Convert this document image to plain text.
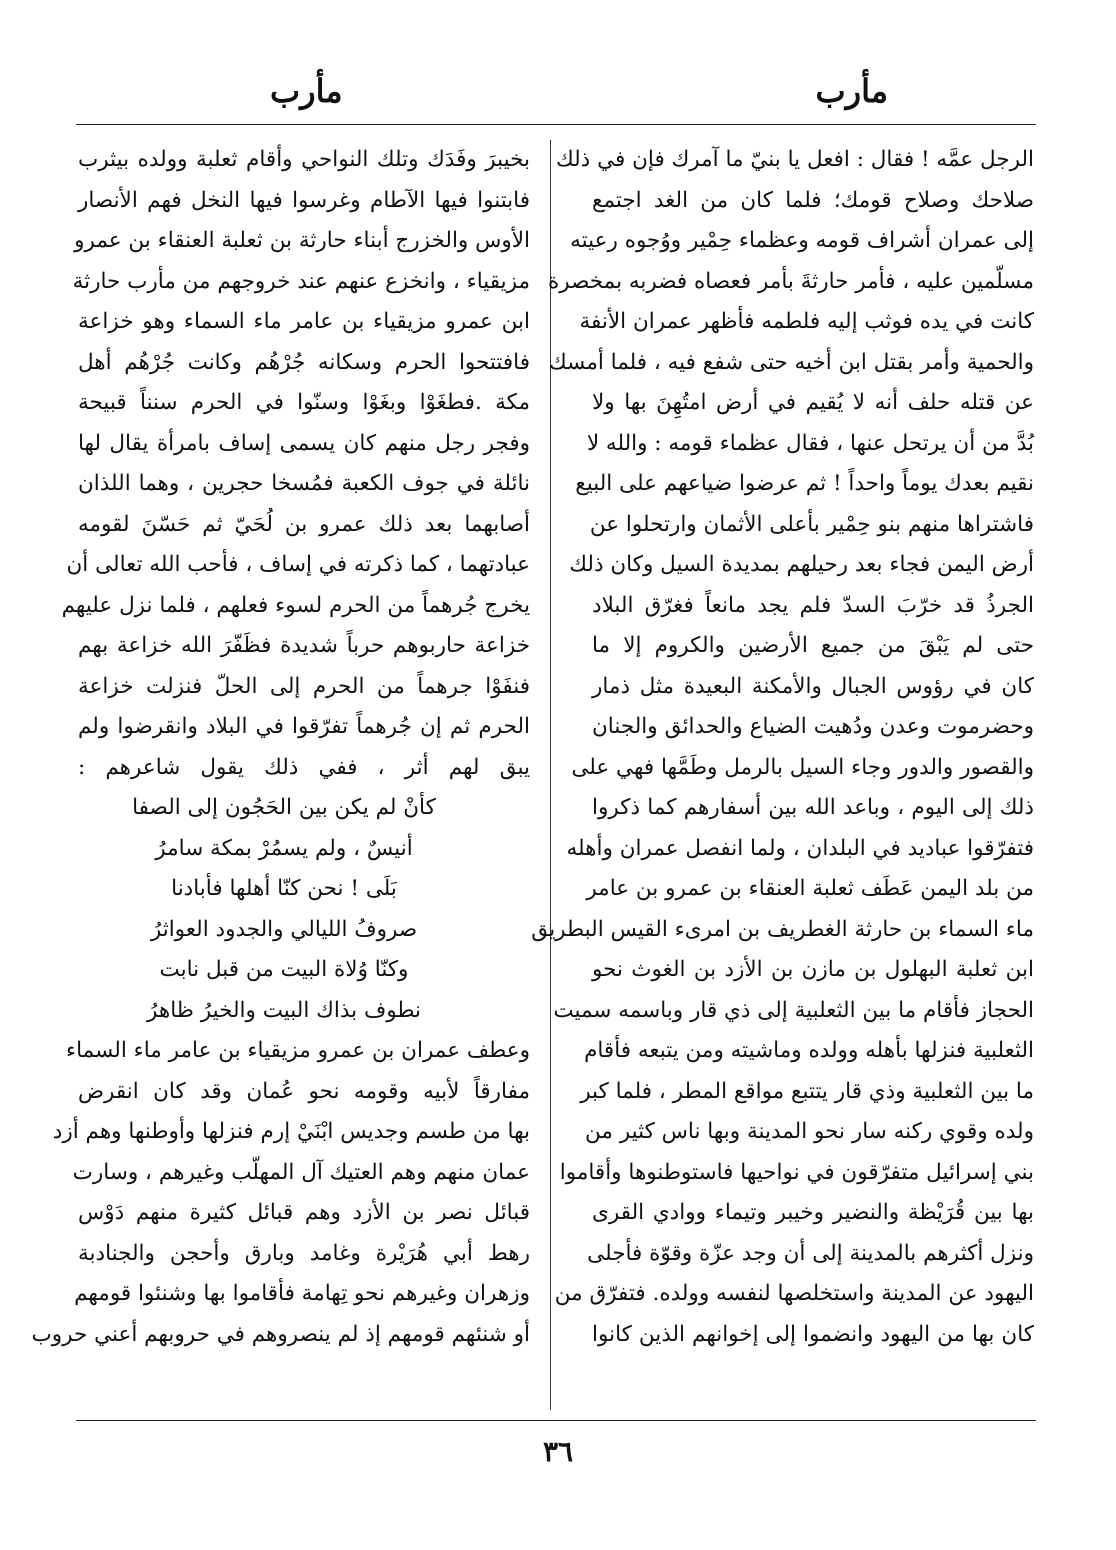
مأرب
مأرب
الرجل عمَّه ! فقال : افعل يا بنيّ ما آمرك فإن في ذلك
صلاحك وصلاح قومك؛ فلما كان من الغد اجتمع
إلى عمران أشراف قومه وعظماء حِمْير ووُجوه رعيته
مسلّمين عليه ، فأمر حارثةَ بأمر فعصاه فضربه بمخصرة
كانت في يده فوثب إليه فلطمه فأظهر عمران الأنفة
والحمية وأمر بقتل ابن أخيه حتى شفع فيه ، فلما أمسك
عن قتله حلف أنه لا يُقيم في أرض امتُهِنَ بها ولا
بُدَّ من أن يرتحل عنها ، فقال عظماء قومه : والله لا
نقيم بعدك يوماً واحداً ! ثم عرضوا ضياعهم على البيع
فاشتراها منهم بنو حِمْير بأعلى الأثمان وارتحلوا عن
أرض اليمن فجاء بعد رحيلهم بمديدة السيل وكان ذلك
الجرذُ قد خرّبَ السدّ فلم يجد مانعاً فغرّق البلاد
حتى لم يَبْقَ من جميع الأرضين والكروم إلا ما
كان في رؤوس الجبال والأمكنة البعيدة مثل ذمار
وحضرموت وعدن ودُهيت الضياع والحدائق والجنان
والقصور والدور وجاء السيل بالرمل وطَمَّها فهي على
ذلك إلى اليوم ، وباعد الله بين أسفارهم كما ذكروا
فتفرّقوا عباديد في البلدان ، ولما انفصل عمران وأهله
من بلد اليمن عَطَف ثعلبة العنقاء بن عمرو بن عامر
ماء السماء بن حارثة الغطريف بن امرىء القيس البطريق
ابن ثعلبة البهلول بن مازن بن الأزد بن الغوث نحو
الحجاز فأقام ما بين الثعلبية إلى ذي قار وباسمه سميت
الثعلبية فنزلها بأهله وولده وماشيته ومن يتبعه فأقام
ما بين الثعلبية وذي قار يتتبع مواقع المطر ، فلما كبر
ولده وقوي ركنه سار نحو المدينة وبها ناس كثير من
بني إسرائيل متفرّقون في نواحيها فاستوطنوها وأقاموا
بها بين قُرَيْظة والنضير وخيبر وتيماء ووادي القرى
ونزل أكثرهم بالمدينة إلى أن وجد عزّة وقوّة فأجلى
اليهود عن المدينة واستخلصها لنفسه وولده. فتفرّق من
كان بها من اليهود وانضموا إلى إخوانهم الذين كانوا
بخيبرَ وفَدَك وتلك النواحي وأقام ثعلبة وولده بيثرب
فابتنوا فيها الآطام وغرسوا فيها النخل فهم الأنصار
الأوس والخزرج أبناء حارثة بن ثعلبة العنقاء بن عمرو
مزيقياء ، وانخزع عنهم عند خروجهم من مأرب حارثة
ابن عمرو مزيقياء بن عامر ماء السماء وهو خزاعة
فافتتحوا الحرم وسكانه جُرْهُم وكانت جُرْهُم أهل
مكة .فطغَوْا وبغَوْا وسنّوا في الحرم سنناً قبيحة
وفجر رجل منهم كان يسمى إساف بامرأة يقال لها
نائلة في جوف الكعبة فمُسخا حجرين ، وهما اللذان
أصابهما بعد ذلك عمرو بن لُحَيّ ثم حَسّنَ لقومه
عبادتهما ، كما ذكرته في إساف ، فأحب الله تعالى أن
يخرج جُرهماً من الحرم لسوء فعلهم ، فلما نزل عليهم
خزاعة حاربوهم حرباً شديدة فظَفّرَ الله خزاعة بهم
فنفَوْا جرهماً من الحرم إلى الحلّ فنزلت خزاعة
الحرم ثم إن جُرهماً تفرّقوا في البلاد وانقرضوا ولم
يبق لهم أثر ، ففي ذلك يقول شاعرهم :
كأنْ لم يكن بين الحَجُون إلى الصفا
أنيسٌ ، ولم يسمُرْ بمكة سامرُ
بَلَى ! نحن كنّا أهلها فأبادنا
صروفُ الليالي والجدود العواثرُ
وكنّا وُلاة البيت من قبل نابت
نطوف بذاك البيت والخيرُ ظاهرُ
وعطف عمران بن عمرو مزيقياء بن عامر ماء السماء
مفارقاً لأبيه وقومه نحو عُمان وقد كان انقرض
بها من طسم وجديس ابْنَيْ إرم فنزلها وأوطنها وهم أزد
عمان منهم وهم العتيك آل المهلّب وغيرهم ، وسارت
قبائل نصر بن الأزد وهم قبائل كثيرة منهم دَوْس
رهط أبي هُرَيْرة وغامد وبارق وأحجن والجنادبة
وزهران وغيرهم نحو تِهامة فأقاموا بها وشنئوا قومهم
أو شنئهم قومهم إذ لم ينصروهم في حروبهم أعني حروب
٣٦
